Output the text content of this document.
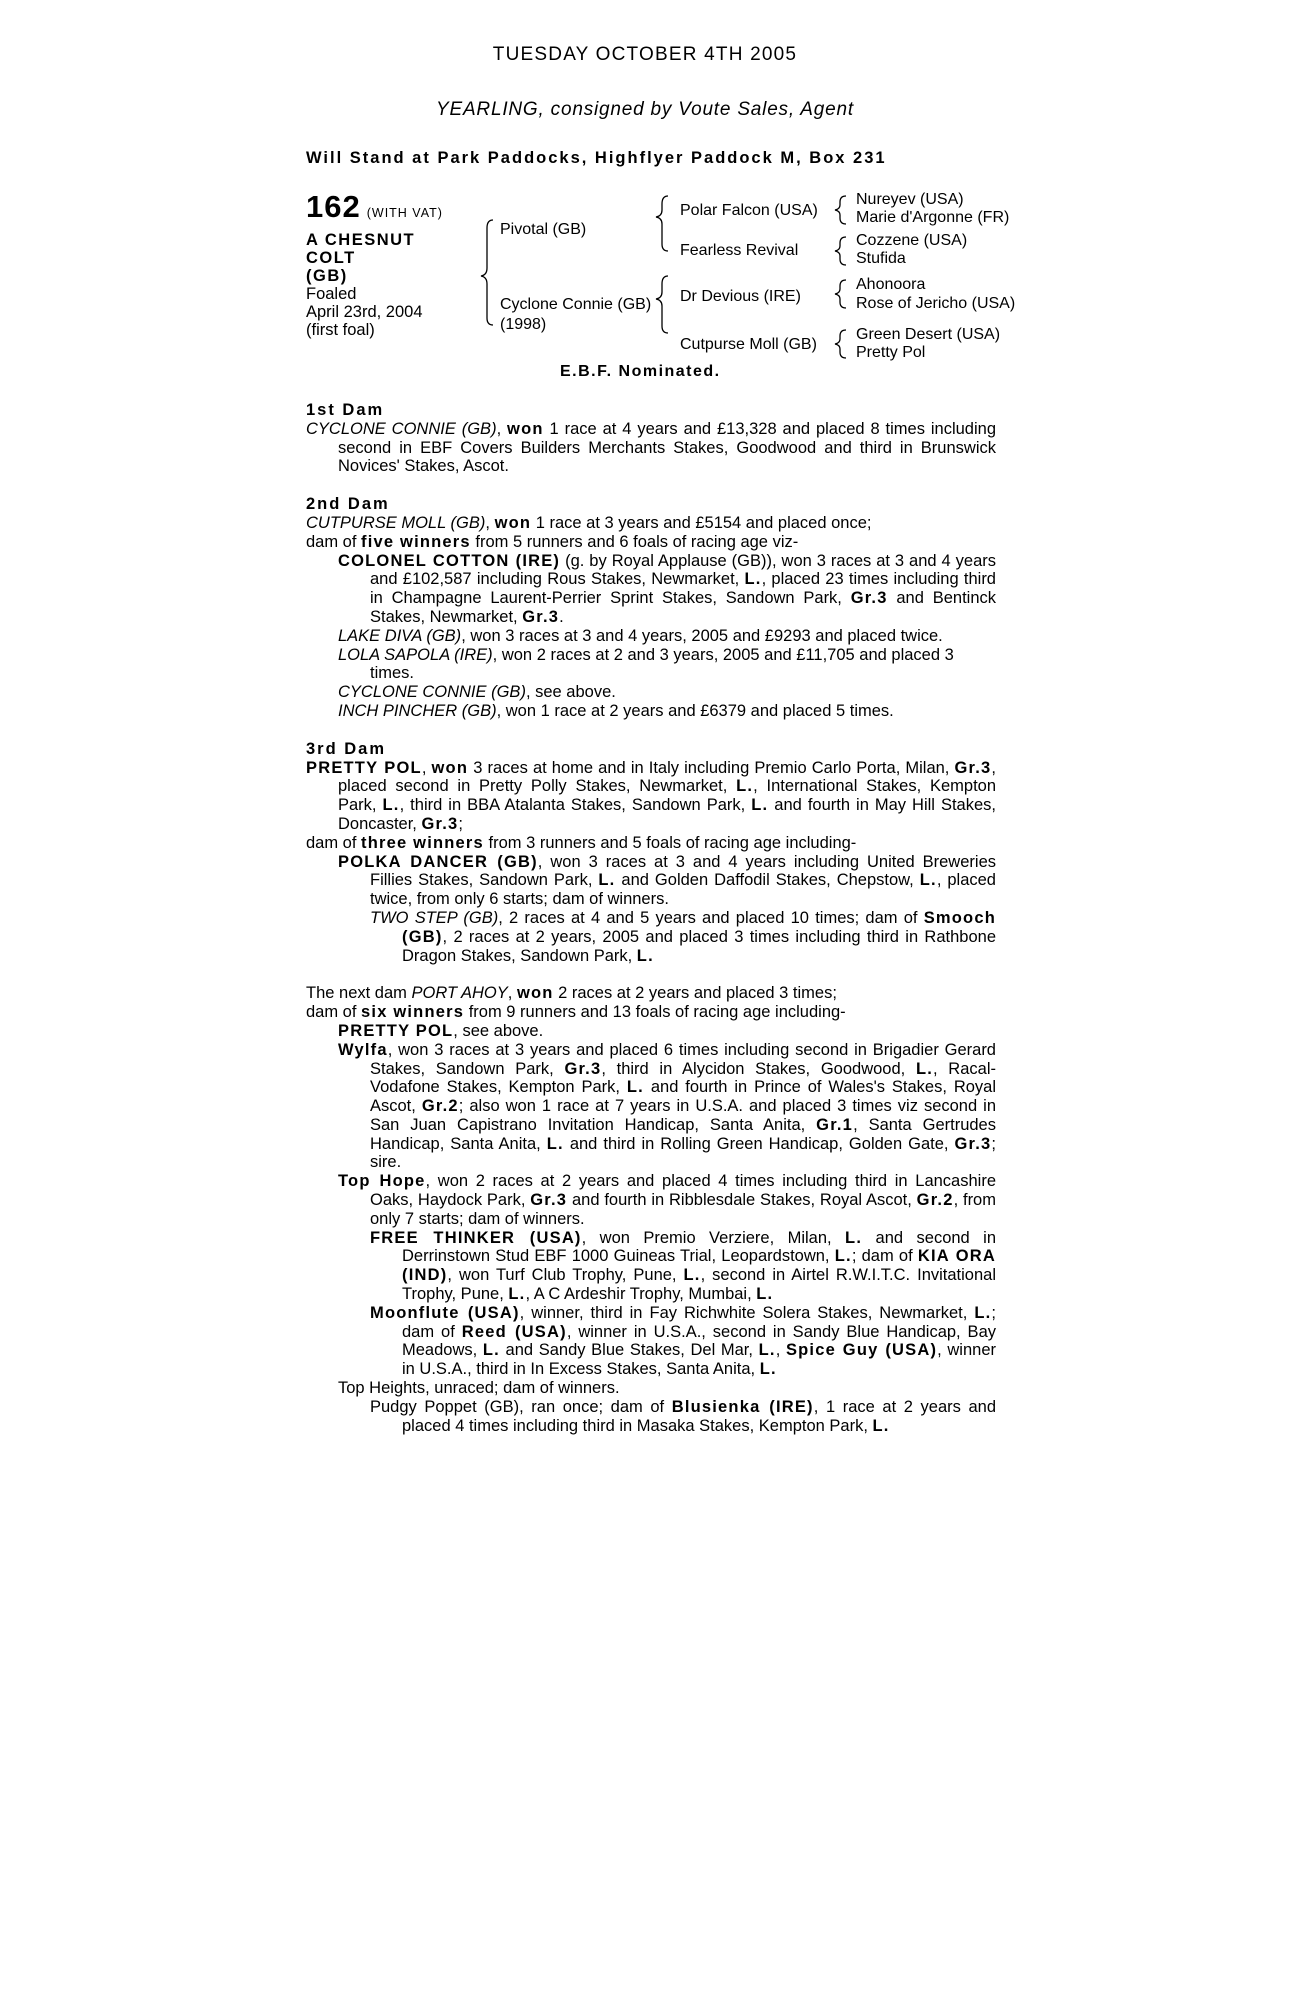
TUESDAY OCTOBER 4TH 2005
YEARLING, consigned by Voute Sales, Agent
Will Stand at Park Paddocks, Highflyer Paddock M, Box 231
162 (WITH VAT)
A CHESNUT COLT
(GB)
Foaled
April 23rd, 2004
(first foal)
Pivotal (GB)
Cyclone Connie (GB)
(1998)
Polar Falcon (USA)
Fearless Revival
Dr Devious (IRE)
Cutpurse Moll (GB)
Nureyev (USA)
Marie d'Argonne (FR)
Cozzene (USA)
Stufida
Ahonoora
Rose of Jericho (USA)
Green Desert (USA)
Pretty Pol
E.B.F. Nominated.
1st Dam
CYCLONE CONNIE (GB), won 1 race at 4 years and £13,328 and placed 8 times including second in EBF Covers Builders Merchants Stakes, Goodwood and third in Brunswick Novices' Stakes, Ascot.
2nd Dam
CUTPURSE MOLL (GB), won 1 race at 3 years and £5154 and placed once;
dam of five winners from 5 runners and 6 foals of racing age viz-
COLONEL COTTON (IRE) (g. by Royal Applause (GB)), won 3 races at 3 and 4 years and £102,587 including Rous Stakes, Newmarket, L., placed 23 times including third in Champagne Laurent-Perrier Sprint Stakes, Sandown Park, Gr.3 and Bentinck Stakes, Newmarket, Gr.3.
LAKE DIVA (GB), won 3 races at 3 and 4 years, 2005 and £9293 and placed twice.
LOLA SAPOLA (IRE), won 2 races at 2 and 3 years, 2005 and £11,705 and placed 3 times.
CYCLONE CONNIE (GB), see above.
INCH PINCHER (GB), won 1 race at 2 years and £6379 and placed 5 times.
3rd Dam
PRETTY POL, won 3 races at home and in Italy including Premio Carlo Porta, Milan, Gr.3, placed second in Pretty Polly Stakes, Newmarket, L., International Stakes, Kempton Park, L., third in BBA Atalanta Stakes, Sandown Park, L. and fourth in May Hill Stakes, Doncaster, Gr.3;
dam of three winners from 3 runners and 5 foals of racing age including-
POLKA DANCER (GB), won 3 races at 3 and 4 years including United Breweries Fillies Stakes, Sandown Park, L. and Golden Daffodil Stakes, Chepstow, L., placed twice, from only 6 starts; dam of winners.
TWO STEP (GB), 2 races at 4 and 5 years and placed 10 times; dam of Smooch (GB), 2 races at 2 years, 2005 and placed 3 times including third in Rathbone Dragon Stakes, Sandown Park, L.
The next dam PORT AHOY, won 2 races at 2 years and placed 3 times;
dam of six winners from 9 runners and 13 foals of racing age including-
PRETTY POL, see above.
Wylfa, won 3 races at 3 years and placed 6 times including second in Brigadier Gerard Stakes, Sandown Park, Gr.3, third in Alycidon Stakes, Goodwood, L., Racal-Vodafone Stakes, Kempton Park, L. and fourth in Prince of Wales's Stakes, Royal Ascot, Gr.2; also won 1 race at 7 years in U.S.A. and placed 3 times viz second in San Juan Capistrano Invitation Handicap, Santa Anita, Gr.1, Santa Gertrudes Handicap, Santa Anita, L. and third in Rolling Green Handicap, Golden Gate, Gr.3; sire.
Top Hope, won 2 races at 2 years and placed 4 times including third in Lancashire Oaks, Haydock Park, Gr.3 and fourth in Ribblesdale Stakes, Royal Ascot, Gr.2, from only 7 starts; dam of winners.
FREE THINKER (USA), won Premio Verziere, Milan, L. and second in Derrinstown Stud EBF 1000 Guineas Trial, Leopardstown, L.; dam of KIA ORA (IND), won Turf Club Trophy, Pune, L., second in Airtel R.W.I.T.C. Invitational Trophy, Pune, L., A C Ardeshir Trophy, Mumbai, L.
Moonflute (USA), winner, third in Fay Richwhite Solera Stakes, Newmarket, L.; dam of Reed (USA), winner in U.S.A., second in Sandy Blue Handicap, Bay Meadows, L. and Sandy Blue Stakes, Del Mar, L., Spice Guy (USA), winner in U.S.A., third in In Excess Stakes, Santa Anita, L.
Top Heights, unraced; dam of winners.
Pudgy Poppet (GB), ran once; dam of Blusienka (IRE), 1 race at 2 years and placed 4 times including third in Masaka Stakes, Kempton Park, L.
